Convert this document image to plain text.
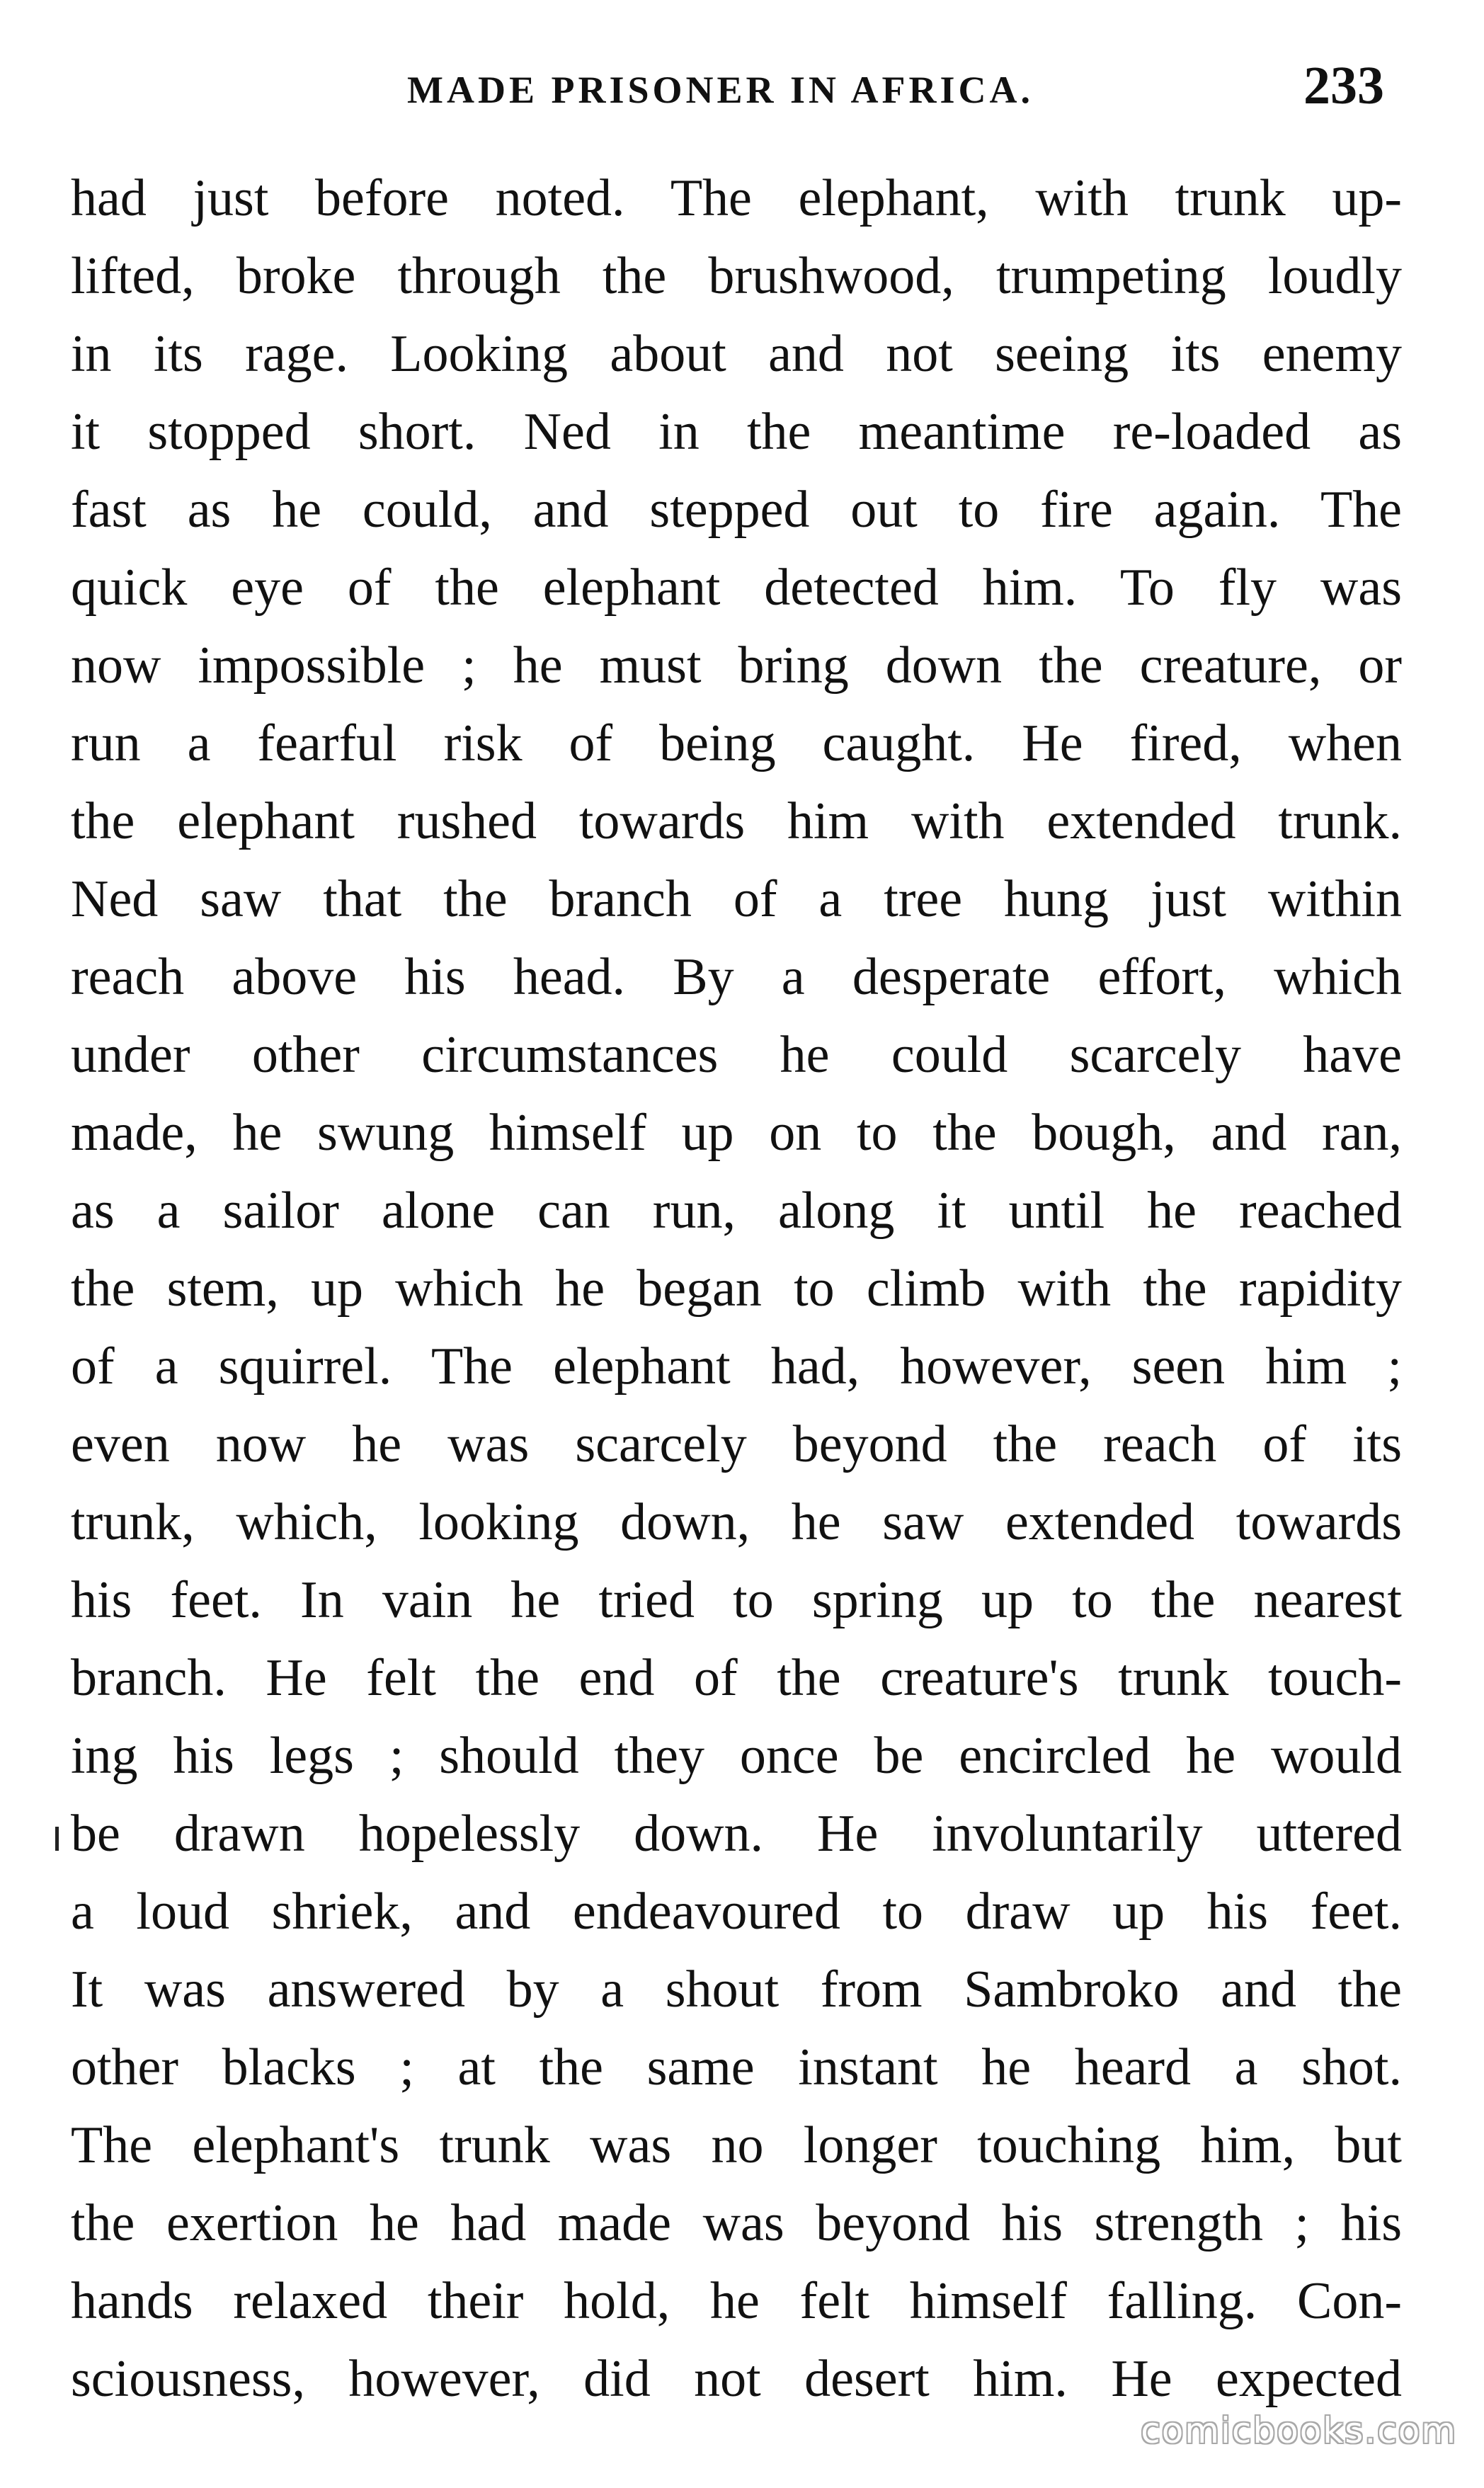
MADE PRISONER IN AFRICA.	233
had just before noted. The elephant, with trunk up-
lifted, broke through the brushwood, trumpeting loudly
in its rage. Looking about and not seeing its enemy
it stopped short. Ned in the meantime re-loaded as
fast as he could, and stepped out to fire again. The
quick eye of the elephant detected him. To fly was
now impossible ; he must bring down the creature, or
run a fearful risk of being caught. He fired, when
the elephant rushed towards him with extended trunk.
Ned saw that the branch of a tree hung just within
reach above his head. By a desperate effort, which
under other circumstances he could scarcely have
made, he swung himself up on to the bough, and ran,
as a sailor alone can run, along it until he reached
the stem, up which he began to climb with the rapidity
of a squirrel. The elephant had, however, seen him ;
even now he was scarcely beyond the reach of its
trunk, which, looking down, he saw extended towards
his feet. In vain he tried to spring up to the nearest
branch. He felt the end of the creature's trunk touch-
ing his legs ; should they once be encircled he would
be drawn hopelessly down. He involuntarily uttered
a loud shriek, and endeavoured to draw up his feet.
It was answered by a shout from Sambroko and the
other blacks ; at the same instant he heard a shot.
The elephant's trunk was no longer touching him, but
the exertion he had made was beyond his strength ; his
hands relaxed their hold, he felt himself falling. Con-
sciousness, however, did not desert him. He expected
comicbooks.com
